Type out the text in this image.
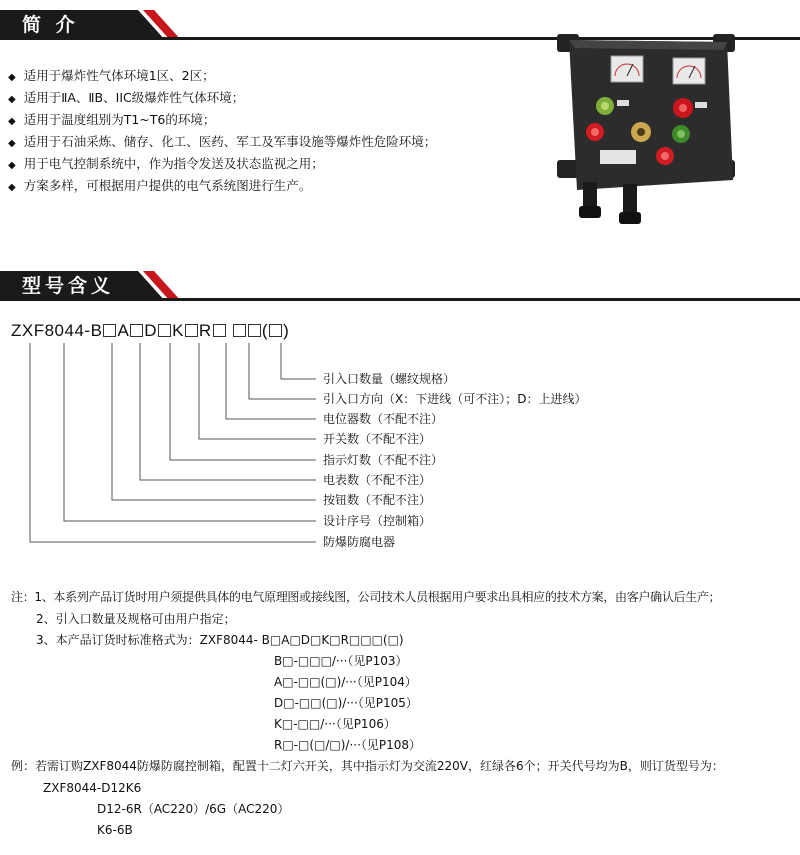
简 介
◆ 适用于爆炸性气体环境1区、2区；
◆ 适用于ⅡA、ⅡB、IIC级爆炸性气体环境；
◆ 适用于温度组别为T1~T6的环境；
◆ 适用于石油采炼、储存、化工、医药、军工及军事设施等爆炸性危险环境；
◆ 用于电气控制系统中，作为指令发送及状态监视之用；
◆ 方案多样，可根据用户提供的电气系统图进行生产。
型号含义
ZXF8044-B A D K R	( )
引入口数量（螺纹规格）
引入口方向（X：下进线（可不注）；D：上进线）
电位器数（不配不注）
开关数（不配不注）
指示灯数（不配不注）
电表数（不配不注）
按钮数（不配不注）
设计序号（控制箱）
防爆防腐电器
注：1、本系列产品订货时用户须提供具体的电气原理图或接线图，公司技术人员根据用户要求出具相应的技术方案，由客户确认后生产；
2、引入口数量及规格可由用户指定；
3、本产品订货时标准格式为：ZXF8044- B□A□D□K□R□□□(□)
B□-□□□/···（见P103）
A□-□□(□)/···（见P104）
D□-□□(□)/···（见P105）
K□-□□/···（见P106）
R□-□(□/□)/···（见P108）
例：若需订购ZXF8044防爆防腐控制箱，配置十二灯六开关，其中指示灯为交流220V，红绿各6个；开关代号均为B，则订货型号为：
ZXF8044-D12K6
D12-6R（AC220）/6G（AC220）
K6-6B
